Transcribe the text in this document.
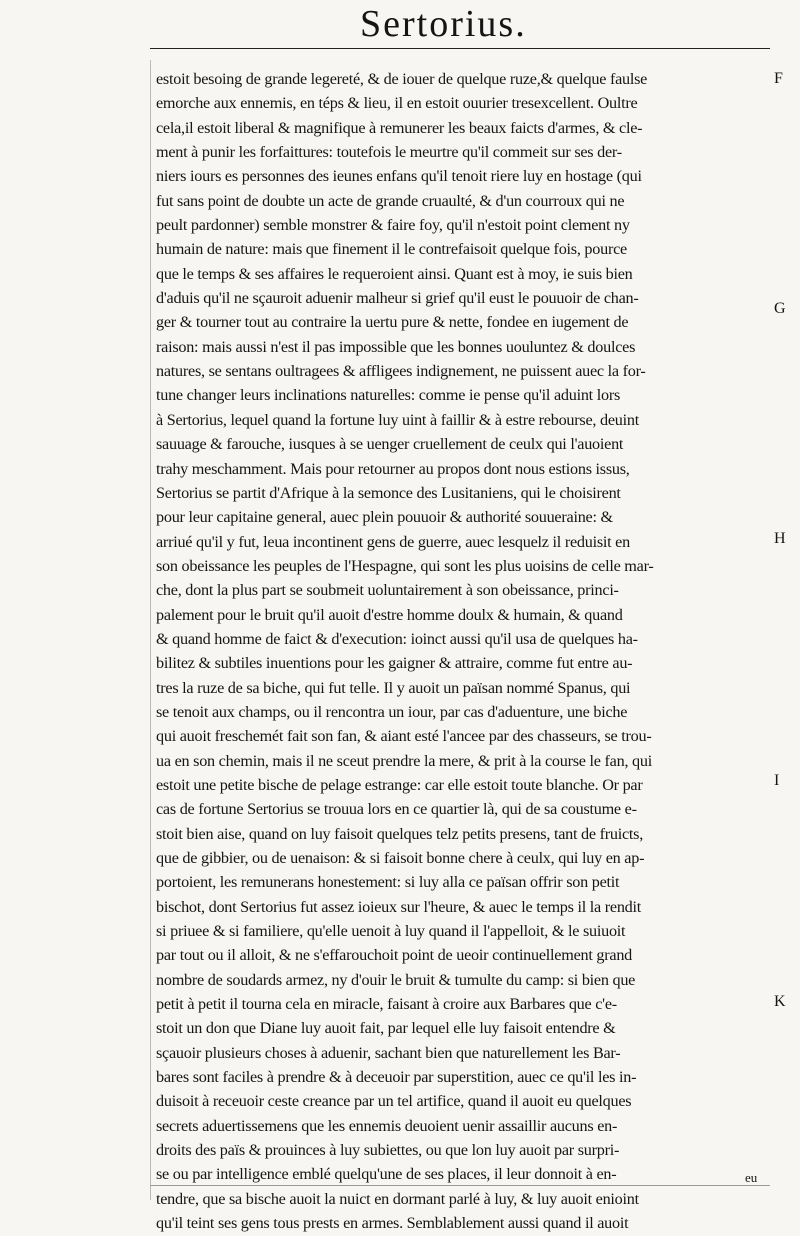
Sertorius.
estoit besoing de grande legereté, & de iouer de quelque ruze,& quelque faulse
emorche aux ennemis, en téps & lieu, il en estoit ouurier tresexcellent. Oultre
cela,il estoit liberal & magnifique à remunerer les beaux faicts d'armes, & cle-
ment à punir les forfaittures: toutefois le meurtre qu'il commeit sur ses der-
niers iours es personnes des ieunes enfans qu'il tenoit riere luy en hostage (qui
fut sans point de doubte un acte de grande cruaulté, & d'un courroux qui ne
peult pardonner) semble monstrer & faire foy, qu'il n'estoit point clement ny
humain de nature: mais que finement il le contrefaisoit quelque fois, pource
que le temps & ses affaires le requeroient ainsi. Quant est à moy, ie suis bien
d'aduis qu'il ne sçauroit aduenir malheur si grief qu'il eust le pouuoir de chan-
ger & tourner tout au contraire la uertu pure & nette, fondee en iugement de
raison: mais aussi n'est il pas impossible que les bonnes uouluntez & doulces
natures, se sentans oultragees & affligees indignement, ne puissent auec la for-
tune changer leurs inclinations naturelles: comme ie pense qu'il aduint lors
à Sertorius, lequel quand la fortune luy uint à faillir & à estre rebourse, deuint
sauuage & farouche, iusques à se uenger cruellement de ceulx qui l'auoient
trahy meschamment. Mais pour retourner au propos dont nous estions issus,
Sertorius se partit d'Afrique à la semonce des Lusitaniens, qui le choisirent
pour leur capitaine general, auec plein pouuoir & authorité souueraine: &
arriué qu'il y fut, leua incontinent gens de guerre, auec lesquelz il reduisit en
son obeissance les peuples de l'Hespagne, qui sont les plus uoisins de celle mar-
che, dont la plus part se soubmeit uoluntairement à son obeissance, princi-
palement pour le bruit qu'il auoit d'estre homme doulx & humain, & quand
& quand homme de faict & d'execution: ioinct aussi qu'il usa de quelques ha-
bilitez & subtiles inuentions pour les gaigner & attraire, comme fut entre au-
tres la ruze de sa biche, qui fut telle. Il y auoit un païsan nommé Spanus, qui
se tenoit aux champs, ou il rencontra un iour, par cas d'aduenture, une biche
qui auoit freschemét fait son fan, & aiant esté l'ancee par des chasseurs, se trou-
ua en son chemin, mais il ne sceut prendre la mere, & prit à la course le fan, qui
estoit une petite bische de pelage estrange: car elle estoit toute blanche. Or par
cas de fortune Sertorius se trouua lors en ce quartier là, qui de sa coustume e-
stoit bien aise, quand on luy faisoit quelques telz petits presens, tant de fruicts,
que de gibbier, ou de uenaison: & si faisoit bonne chere à ceulx, qui luy en ap-
portoient, les remunerans honestement: si luy alla ce païsan offrir son petit
bischot, dont Sertorius fut assez ioieux sur l'heure, & auec le temps il la rendit
si priuee & si familiere, qu'elle uenoit à luy quand il l'appelloit, & le suiuoit
par tout ou il alloit, & ne s'effarouchoit point de ueoir continuellement grand
nombre de soudards armez, ny d'ouir le bruit & tumulte du camp: si bien que
petit à petit il tourna cela en miracle, faisant à croire aux Barbares que c'e-
stoit un don que Diane luy auoit fait, par lequel elle luy faisoit entendre &
sçauoir plusieurs choses à aduenir, sachant bien que naturellement les Bar-
bares sont faciles à prendre & à deceuoir par superstition, auec ce qu'il les in-
duisoit à receuoir ceste creance par un tel artifice, quand il auoit eu quelques
secrets aduertissemens que les ennemis deuoient uenir assaillir aucuns en-
droits des païs & prouinces à luy subiettes, ou que lon luy auoit par surpri-
se ou par intelligence emblé quelqu'une de ses places, il leur donnoit à en-
tendre, que sa bische auoit la nuict en dormant parlé à luy, & luy auoit enioint
qu'il teint ses gens tous prests en armes. Semblablement aussi quand il auoit
F
G
H
I
K
eu
